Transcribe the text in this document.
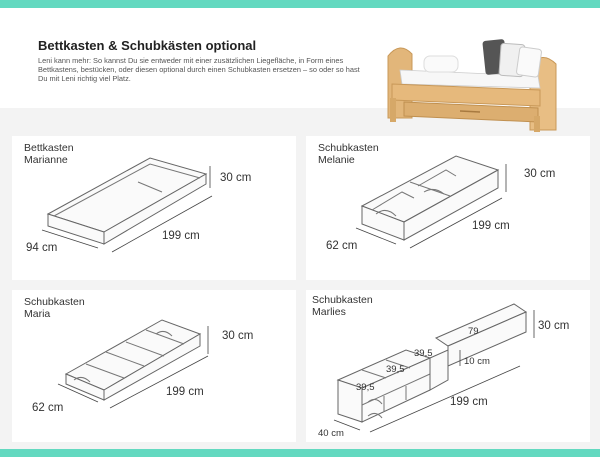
Bettkasten & Schubkästen optional
Leni kann mehr: So kannst Du sie entweder mit einer zusätzlichen Liegefläche, in Form eines Bettkastens, bestücken, oder diesen optional durch einen Schubkasten ersetzen – so oder so hast Du mit Leni richtig viel Platz.
Bettkasten
Marianne
30 cm
199 cm
94 cm
Schubkasten
Melanie
30 cm
199 cm
62 cm
Schubkasten
Maria
30 cm
199 cm
62 cm
Schubkasten
Marlies
79
39,5
39,5
39,5
10 cm
30 cm
199 cm
40 cm
